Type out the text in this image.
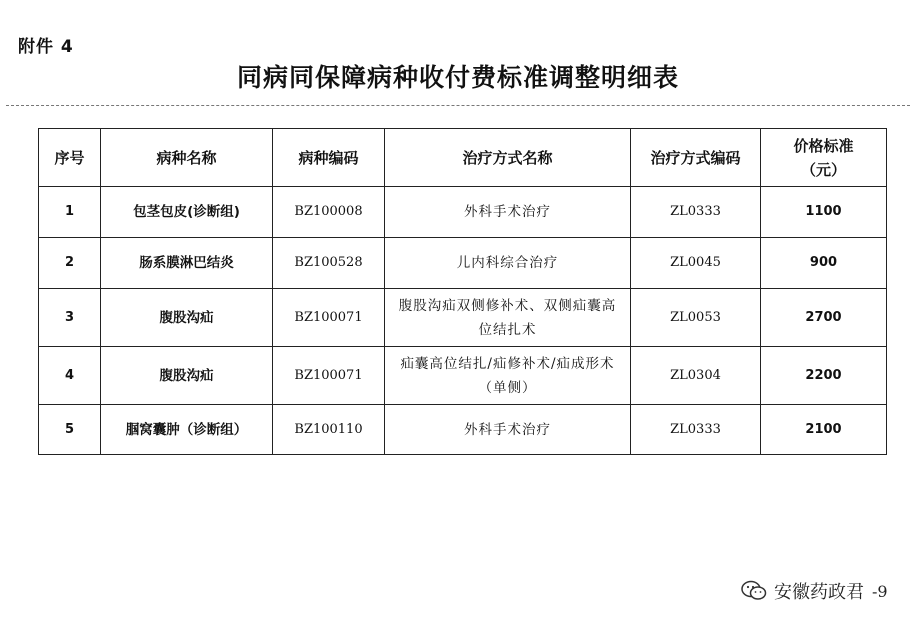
附件 4
同病同保障病种收付费标准调整明细表
序号	病种名称	病种编码	治疗方式名称	治疗方式编码	价格标准
（元）

1	包茎包皮(诊断组)	BZ100008	外科手术治疗	ZL0333	1100
2	肠系膜淋巴结炎	BZ100528	儿内科综合治疗	ZL0045	900
3	腹股沟疝	BZ100071	腹股沟疝双侧修补术、双侧疝囊高
位结扎术	ZL0053	2700
4	腹股沟疝	BZ100071	疝囊高位结扎/疝修补术/疝成形术
（单侧）	ZL0304	2200
5	腘窝囊肿（诊断组）	BZ100110	外科手术治疗	ZL0333	2100
安徽药政君 -9
